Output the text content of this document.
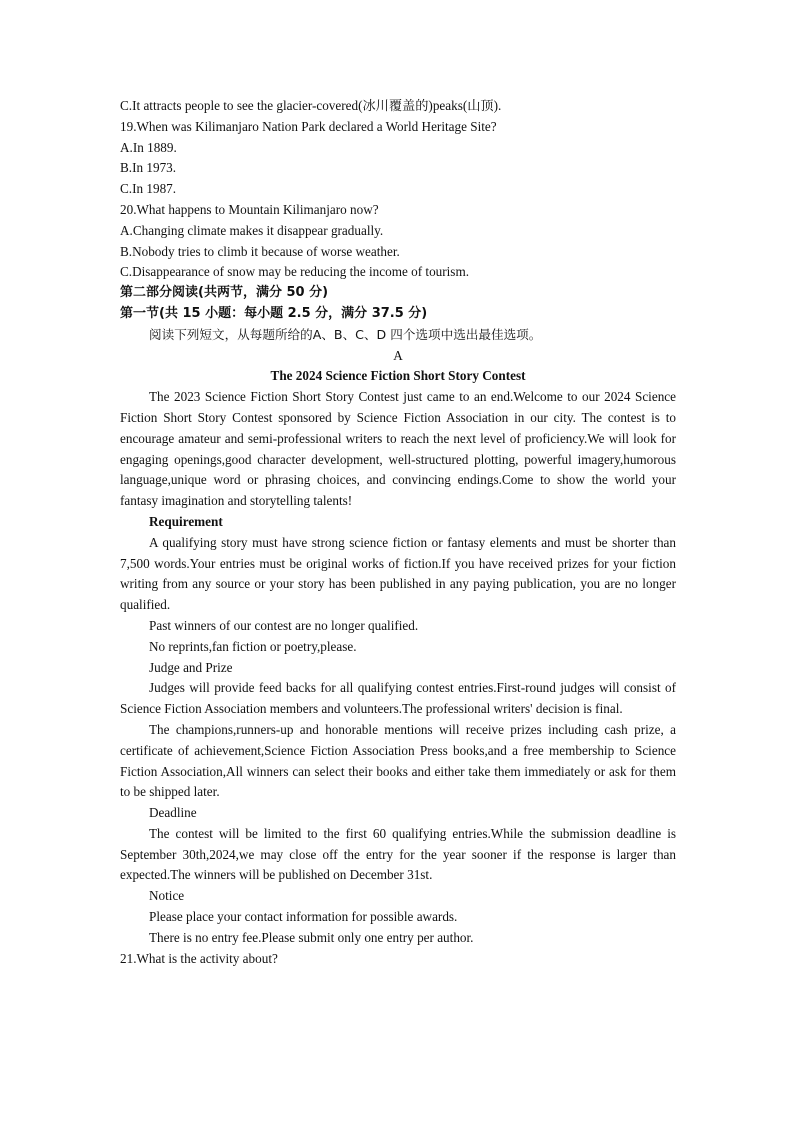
C.It attracts people to see the glacier-covered(冰川覆盖的)peaks(山顶).

19.When was Kilimanjaro Nation Park declared a World Heritage Site?

A.In 1889.

B.In 1973.

C.In 1987.

20.What happens to Mountain Kilimanjaro now?

A.Changing climate makes it disappear gradually.

B.Nobody tries to climb it because of worse weather.

C.Disappearance of snow may be reducing the income of tourism.

第二部分阅读(共两节，满分 50 分)

第一节(共 15 小题：每小题 2.5 分，满分 37.5 分)

阅读下列短文，从每题所给的A、B、C、D 四个选项中选出最佳选项。

A

The 2024 Science Fiction Short Story Contest

The 2023 Science Fiction Short Story Contest just came to an end.Welcome to our 2024 Science Fiction Short Story Contest sponsored by Science Fiction Association in our city. The contest is to encourage amateur and semi-professional writers to reach the next level of proficiency.We will look for engaging openings,good character development, well-structured plotting, powerful imagery,humorous language,unique word or phrasing choices, and convincing endings.Come to show the world your fantasy imagination and storytelling talents!

Requirement

A qualifying story must have strong science fiction or fantasy elements and must be shorter than 7,500 words.Your entries must be original works of fiction.If you have received prizes for your fiction writing from any source or your story has been published in any paying publication, you are no longer qualified.

Past winners of our contest are no longer qualified.

No reprints,fan fiction or poetry,please.

Judge and Prize

Judges will provide feed backs for all qualifying contest entries.First-round judges will consist of Science Fiction Association members and volunteers.The professional writers' decision is final.

The champions,runners-up and honorable mentions will receive prizes including cash prize, a certificate of achievement,Science Fiction Association Press books,and a free membership to Science Fiction Association,All winners can select their books and either take them immediately or ask for them to be shipped later.

Deadline

The contest will be limited to the first 60 qualifying entries.While the submission deadline is September 30th,2024,we may close off the entry for the year sooner if the response is larger than expected.The winners will be published on December 31st.

Notice

Please place your contact information for possible awards.

There is no entry fee.Please submit only one entry per author.

21.What is the activity about?
